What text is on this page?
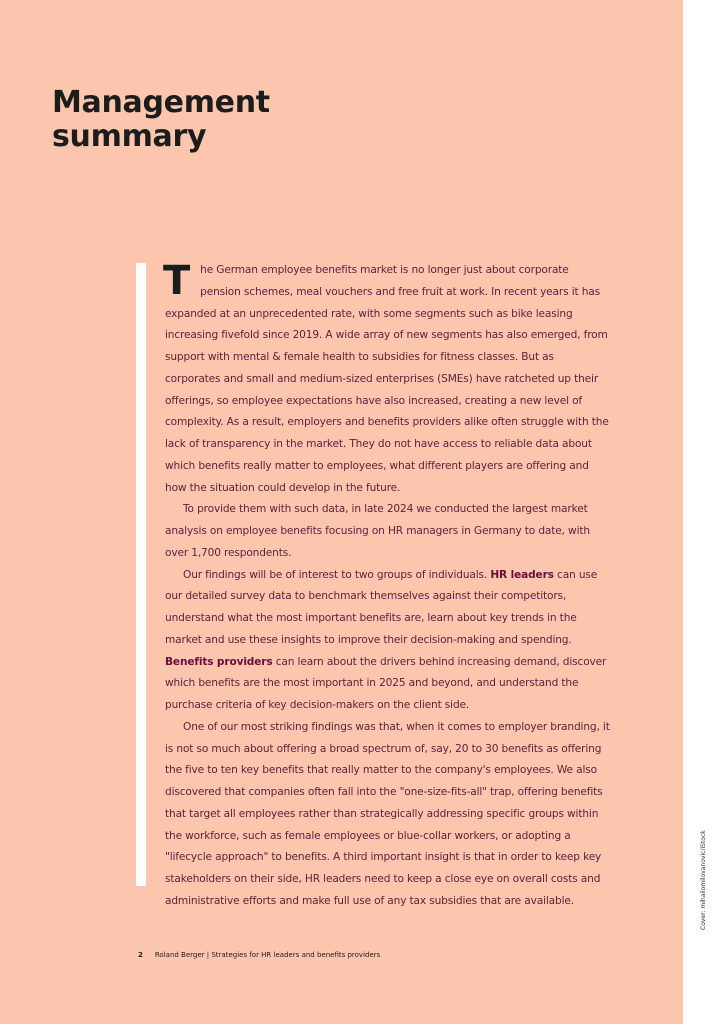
Management
summary

The German employee benefits market is no longer just about corporate pension schemes, meal vouchers and free fruit at work. In recent years it has expanded at an unprecedented rate, with some segments such as bike leasing increasing fivefold since 2019. A wide array of new segments has also emerged, from support with mental & female health to subsidies for fitness classes. But as corporates and small and medium-sized enterprises (SMEs) have ratcheted up their offerings, so employee expectations have also increased, creating a new level of complexity. As a result, employers and benefits providers alike often struggle with the lack of transparency in the market. They do not have access to reliable data about which benefits really matter to employees, what different players are offering and how the situation could develop in the future.

To provide them with such data, in late 2024 we conducted the largest market analysis on employee benefits focusing on HR managers in Germany to date, with over 1,700 respondents.

Our findings will be of interest to two groups of individuals. HR leaders can use our detailed survey data to benchmark themselves against their competitors, understand what the most important benefits are, learn about key trends in the market and use these insights to improve their decision-making and spending. Benefits providers can learn about the drivers behind increasing demand, discover which benefits are the most important in 2025 and beyond, and understand the purchase criteria of key decision-makers on the client side.

One of our most striking findings was that, when it comes to employer branding, it is not so much about offering a broad spectrum of, say, 20 to 30 benefits as offering the five to ten key benefits that really matter to the company's employees. We also discovered that companies often fall into the "one-size-fits-all" trap, offering benefits that target all employees rather than strategically addressing specific groups within the workforce, such as female employees or blue-collar workers, or adopting a "lifecycle approach" to benefits. A third important insight is that in order to keep key stakeholders on their side, HR leaders need to keep a close eye on overall costs and administrative efforts and make full use of any tax subsidies that are available.	Cover: mihailomilovanovic/iStock
2 Roland Berger | Strategies for HR leaders and benefits providers
